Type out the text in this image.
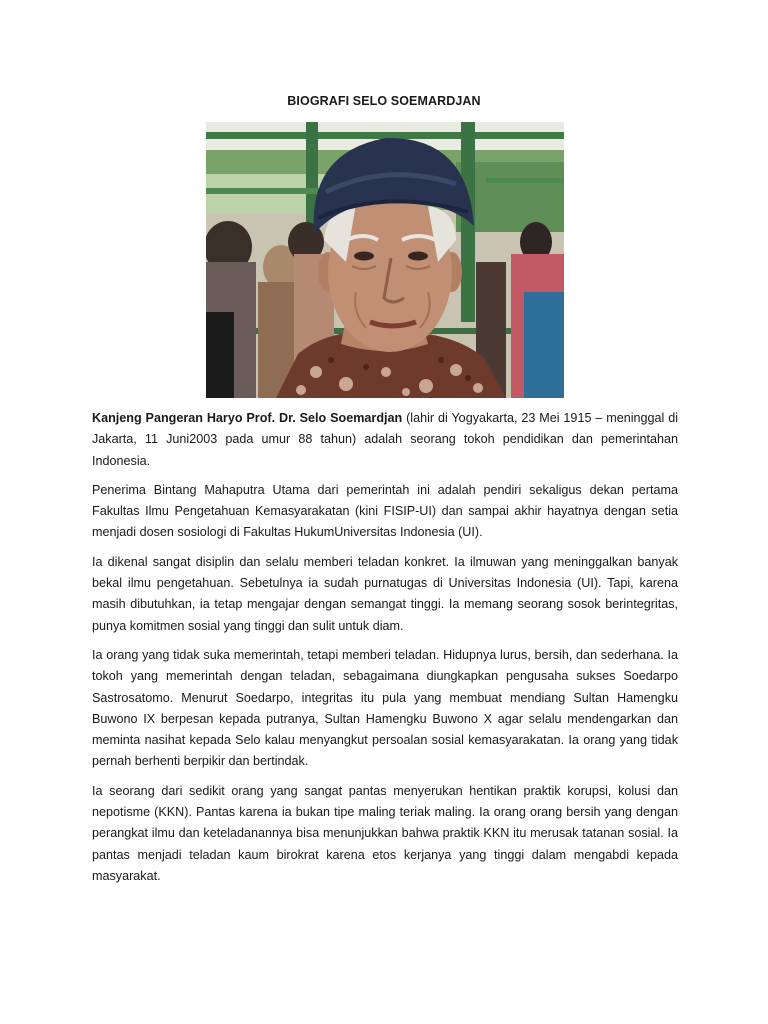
BIOGRAFI SELO SOEMARDJAN

Kanjeng Pangeran Haryo Prof. Dr. Selo Soemardjan (lahir di Yogyakarta, 23 Mei 1915 – meninggal di Jakarta, 11 Juni2003 pada umur 88 tahun) adalah seorang tokoh pendidikan dan pemerintahan Indonesia.

Penerima Bintang Mahaputra Utama dari pemerintah ini adalah pendiri sekaligus dekan pertama Fakultas Ilmu Pengetahuan Kemasyarakatan (kini FISIP-UI) dan sampai akhir hayatnya dengan setia menjadi dosen sosiologi di Fakultas HukumUniversitas Indonesia (UI).

Ia dikenal sangat disiplin dan selalu memberi teladan konkret. Ia ilmuwan yang meninggalkan banyak bekal ilmu pengetahuan. Sebetulnya ia sudah purnatugas di Universitas Indonesia (UI). Tapi, karena masih dibutuhkan, ia tetap mengajar dengan semangat tinggi. Ia memang seorang sosok berintegritas, punya komitmen sosial yang tinggi dan sulit untuk diam.

Ia orang yang tidak suka memerintah, tetapi memberi teladan. Hidupnya lurus, bersih, dan sederhana. Ia tokoh yang memerintah dengan teladan, sebagaimana diungkapkan pengusaha sukses Soedarpo Sastrosatomo. Menurut Soedarpo, integritas itu pula yang membuat mendiang Sultan Hamengku Buwono IX berpesan kepada putranya, Sultan Hamengku Buwono X agar selalu mendengarkan dan meminta nasihat kepada Selo kalau menyangkut persoalan sosial kemasyarakatan. Ia orang yang tidak pernah berhenti berpikir dan bertindak.

Ia seorang dari sedikit orang yang sangat pantas menyerukan hentikan praktik korupsi, kolusi dan nepotisme (KKN). Pantas karena ia bukan tipe maling teriak maling. Ia orang orang bersih yang dengan perangkat ilmu dan keteladanannya bisa menunjukkan bahwa praktik KKN itu merusak tatanan sosial. Ia pantas menjadi teladan kaum birokrat karena etos kerjanya yang tinggi dalam mengabdi kepada masyarakat.
